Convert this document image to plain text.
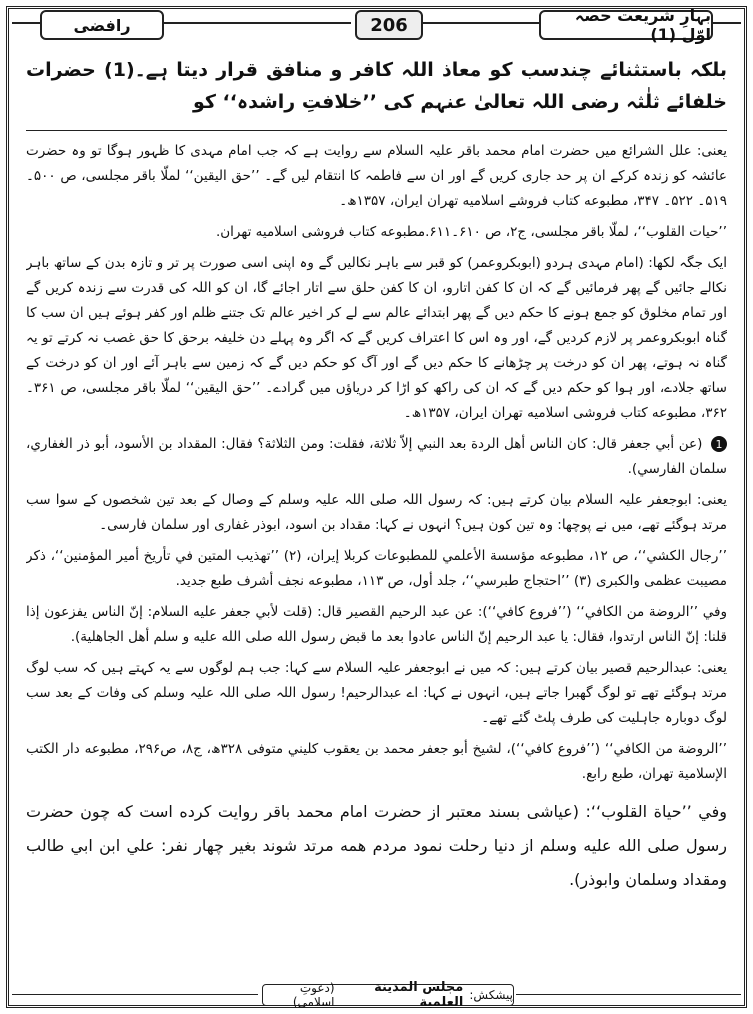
رافضی	206	بہارِ شریعت حصہ اوّل (1)

بلکہ باستثنائے چندسب کو معاذ اللہ کافر و منافق قرار دیتا ہے۔(1) حضرات خلفائے ثلٰثہ رضی اللہ تعالیٰ عنہم کی ’’خلافتِ راشدہ‘‘ کو

یعنی: علل الشرائع میں حضرت امام محمد باقر علیہ السلام سے روایت ہے کہ جب امام مہدی کا ظہور ہوگا تو وہ حضرت عائشہ کو زندہ کرکے ان پر حد جاری کریں گے اور ان سے فاطمہ کا انتقام لیں گے۔ ’’حق الیقین‘‘ لملّا باقر مجلسی، ص ۵۰۰۔ ۵۱۹۔ ۵۲۲۔ ۳۴۷، مطبوعه کتاب فروشے اسلامیه تهران ایران، ۱۳۵۷ھ۔

’’حیات القلوب‘‘، لملّا باقر مجلسی، ج۲، ص ۶۱۰۔۶۱۱.مطبوعه کتاب فروشی اسلامیه تهران.

ایک جگہ لکھا: (امام مہدی ہردو (ابوبکروعمر) کو قبر سے باہر نکالیں گے وہ اپنی اسی صورت پر تر و تازہ بدن کے ساتھ باہر نکالے جائیں گے پھر فرمائیں گے کہ ان کا کفن اتارو، ان کا کفن حلق سے اتار اجائے گا، ان کو اللہ کی قدرت سے زندہ کریں گے اور تمام مخلوق کو جمع ہونے کا حکم دیں گے پھر ابتدائے عالم سے لے کر اخیر عالم تک جتنے ظلم اور کفر ہوئے ہیں ان سب کا گناہ ابوبکروعمر پر لازم کردیں گے، اور وہ اس کا اعتراف کریں گے کہ اگر وہ پہلے دن خلیفہ برحق کا حق غصب نہ کرتے تو یہ گناہ نہ ہوتے، پھر ان کو درخت پر چڑھانے کا حکم دیں گے اور آگ کو حکم دیں گے کہ زمین سے باہر آئے اور ان کو درخت کے ساتھ جلادے، اور ہوا کو حکم دیں گے کہ ان کی راکھ کو اڑا کر دریاؤں میں گرادے۔ ’’حق الیقین‘‘ لملّا باقر مجلسی، ص ۳۶۱۔۳۶۲، مطبوعه کتاب فروشی اسلامیه تهران ایران، ۱۳۵۷ھ۔

1 (عن أبي جعفر قال: كان الناس أهل الردة بعد النبي إلاّ ثلاثة، فقلت: ومن الثلاثة؟ فقال: المقداد بن الأسود، أبو ذر الغفاري، سلمان الفارسي).

یعنی: ابوجعفر علیہ السلام بیان کرتے ہیں: کہ رسول اللہ صلی اللہ علیہ وسلم کے وصال کے بعد تین شخصوں کے سوا سب مرتد ہوگئے تھے، میں نے پوچھا: وہ تین کون ہیں؟ انہوں نے کہا: مقداد بن اسود، ابوذر غفاری اور سلمان فارسی۔

’’رجال الكشي‘‘، ص ۱۲، مطبوعه مؤسسة الأعلمي للمطبوعات كربلا إيران، (۲) ’’تهذيب المتين في تأريخ أمير المؤمنين‘‘، ذکر مصیبت عظمی والکبری (۳) ’’احتجاج طبرسي‘‘، جلد أول، ص ۱۱۳، مطبوعه نجف أشرف طبع جديد.

وفي ’’الروضة من الكافي‘‘ (’’فروع كافي‘‘): عن عبد الرحيم القصير قال: (قلت لأبي جعفر عليه السلام: إنّ الناس يفزعون إذا قلنا: إنّ الناس ارتدوا، فقال: يا عبد الرحيم إنّ الناس عادوا بعد ما قبض رسول الله صلى الله عليه و سلم أهل الجاهلية).

یعنی: عبدالرحیم قصیر بیان کرتے ہیں: کہ میں نے ابوجعفر علیہ السلام سے کہا: جب ہم لوگوں سے یہ کہتے ہیں کہ سب لوگ مرتد ہوگئے تھے تو لوگ گھبرا جاتے ہیں، انہوں نے کہا: اے عبدالرحیم! رسول اللہ صلی اللہ علیہ وسلم کی وفات کے بعد سب لوگ دوبارہ جاہلیت کی طرف پلٹ گئے تھے۔

’’الروضة من الكافي‘‘ (’’فروع كافي‘‘)، لشيخ أبو جعفر محمد بن يعقوب كليني متوفى ۳۲۸ھ، ج۸، ص۲۹۶، مطبوعه دار الكتب الإسلامية تهران، طبع رابع.

وفي ’’حياة القلوب‘‘: (عياشى بسند معتبر از حضرت امام محمد باقر روايت كرده است كه چون حضرت رسول صلى الله عليه وسلم از دنيا رحلت نمود مردم همه مرتد شوند بغير چهار نفر: علي ابن ابي طالب ومقداد وسلمان وابوذر).

پیشکش:
مجلس المدینة العلمیة
(دعوتِ اسلامی)
